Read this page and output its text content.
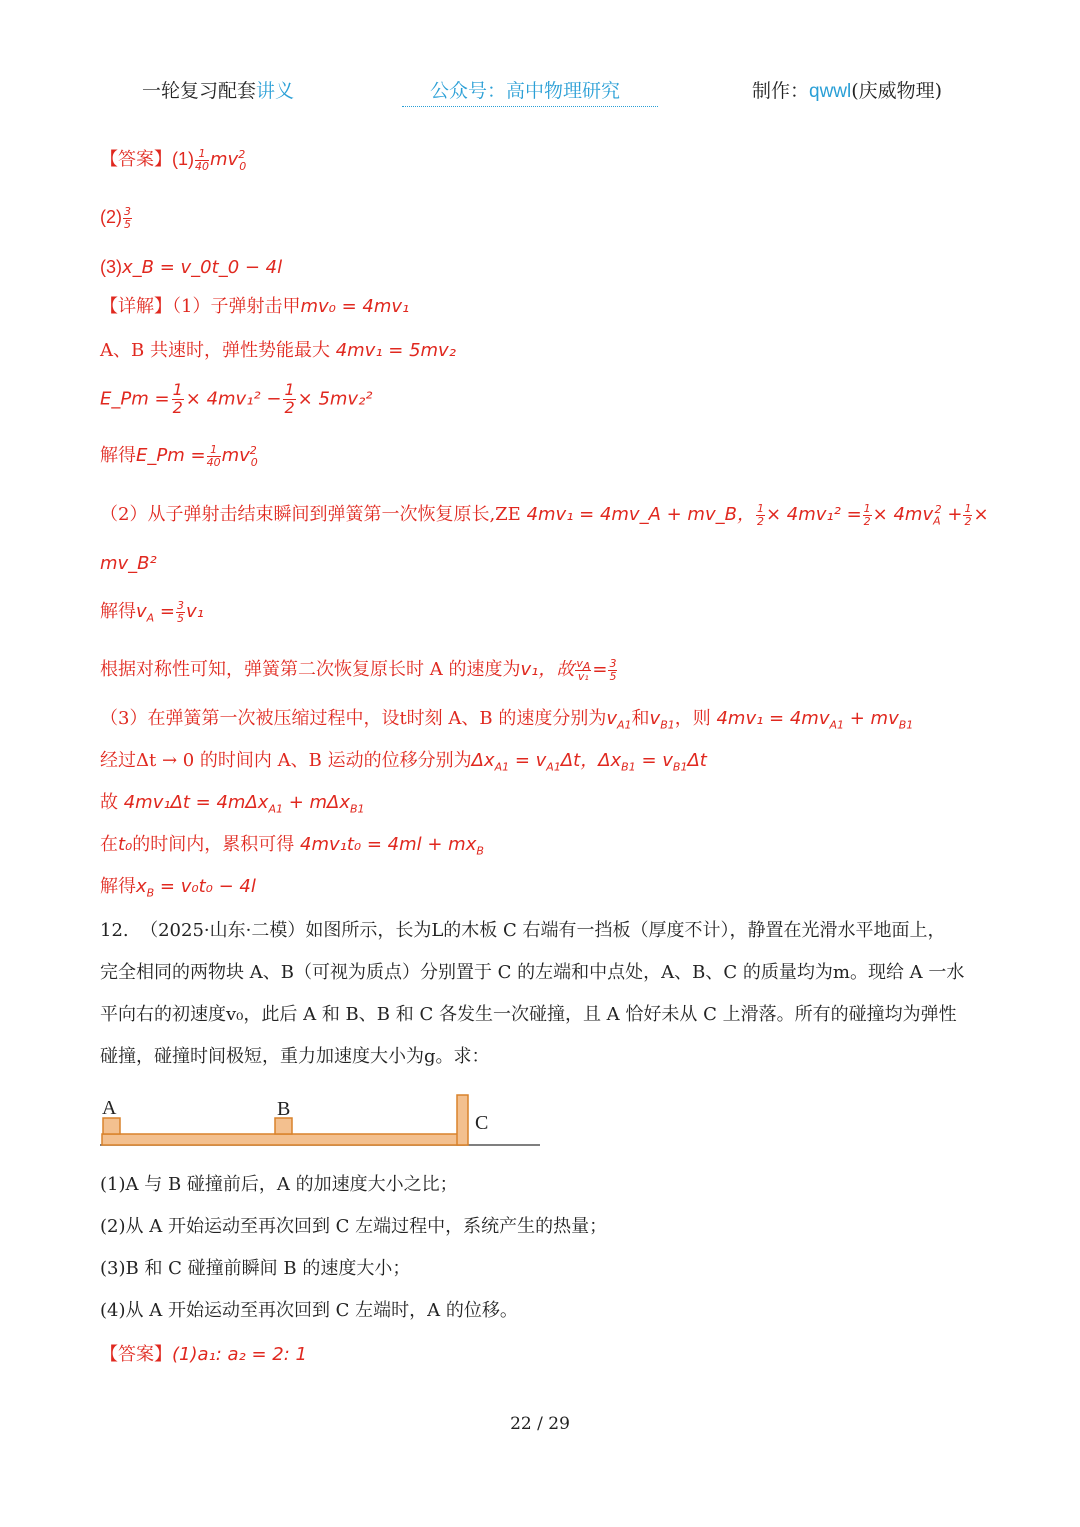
一轮复习配套讲义	公众号：高中物理研究	制作：qwwl(庆威物理)
【答案】$(1) \frac{1}{40} mv^2_0$
$(2) \frac{3}{5}$
(3)x_B = v_0t_0 − 4l
【详解】（1）子弹射击甲mv₀ = 4mv₁
A、B 共速时，弹性势能最大 4mv₁ = 5mv₂
E_Pm = $\frac{1}{2} \times 4mv_1^2 - \frac{1}{2} \times 5mv_2^2$
解得E_Pm = $\frac{1}{40} mv^2_0$
（2）从子弹射击结束瞬间到弹簧第一次恢复原长,ZE 4mv₁ = 4mv_A + mv_B， $\frac{1}{2} \times 4mv_1^2 = \frac{1}{2} \times 4mv_A^2 + \frac{1}{2}$ ×
mv_B²
解得$v_A = \frac{3}{5} v_1$
根据对称性可知，弹簧第二次恢复原长时 A 的速度为v₁，故 $\frac{v_A}{\text{v₁}} = \frac{3}{5}$
（3）在弹簧第一次被压缩过程中，设t时刻 A、B 的速度分别为$v_{A1}$和$v_{B1}$，则 $4mv_1 = 4mv_{A1} + mv_{B1}$
经过Δt → 0 的时间内 A、B 运动的位移分别为$\Delta x_{A1} = v_{A1}\Delta t$，$\Delta x_{B1} = v_{B1}\Delta t$
故 4mv₁Δt = 4mΔx$_{A1}$ + mΔx$_{B1}$
在t₀的时间内，累积可得 $4mv_1t_0 = 4ml + mx_B$
解得$x_B = v_0t_0 - 4l$
12. （2025·山东·二模）如图所示，长为L的木板 C 右端有一挡板（厚度不计），静置在光滑水平地面上，
完全相同的两物块 A、B（可视为质点）分别置于 C 的左端和中点处，A、B、C 的质量均为m。现给 A 一水
平向右的初速度v₀，此后 A 和 B、B 和 C 各发生一次碰撞，且 A 恰好未从 C 上滑落。所有的碰撞均为弹性
碰撞，碰撞时间极短，重力加速度大小为g。求：
A	B
C
(1)A 与 B 碰撞前后，A 的加速度大小之比；
(2)从 A 开始运动至再次回到 C 左端过程中，系统产生的热量；
(3)B 和 C 碰撞前瞬间 B 的速度大小；
(4)从 A 开始运动至再次回到 C 左端时，A 的位移。
【答案】(1)a₁: a₂ = 2: 1
22 / 29
